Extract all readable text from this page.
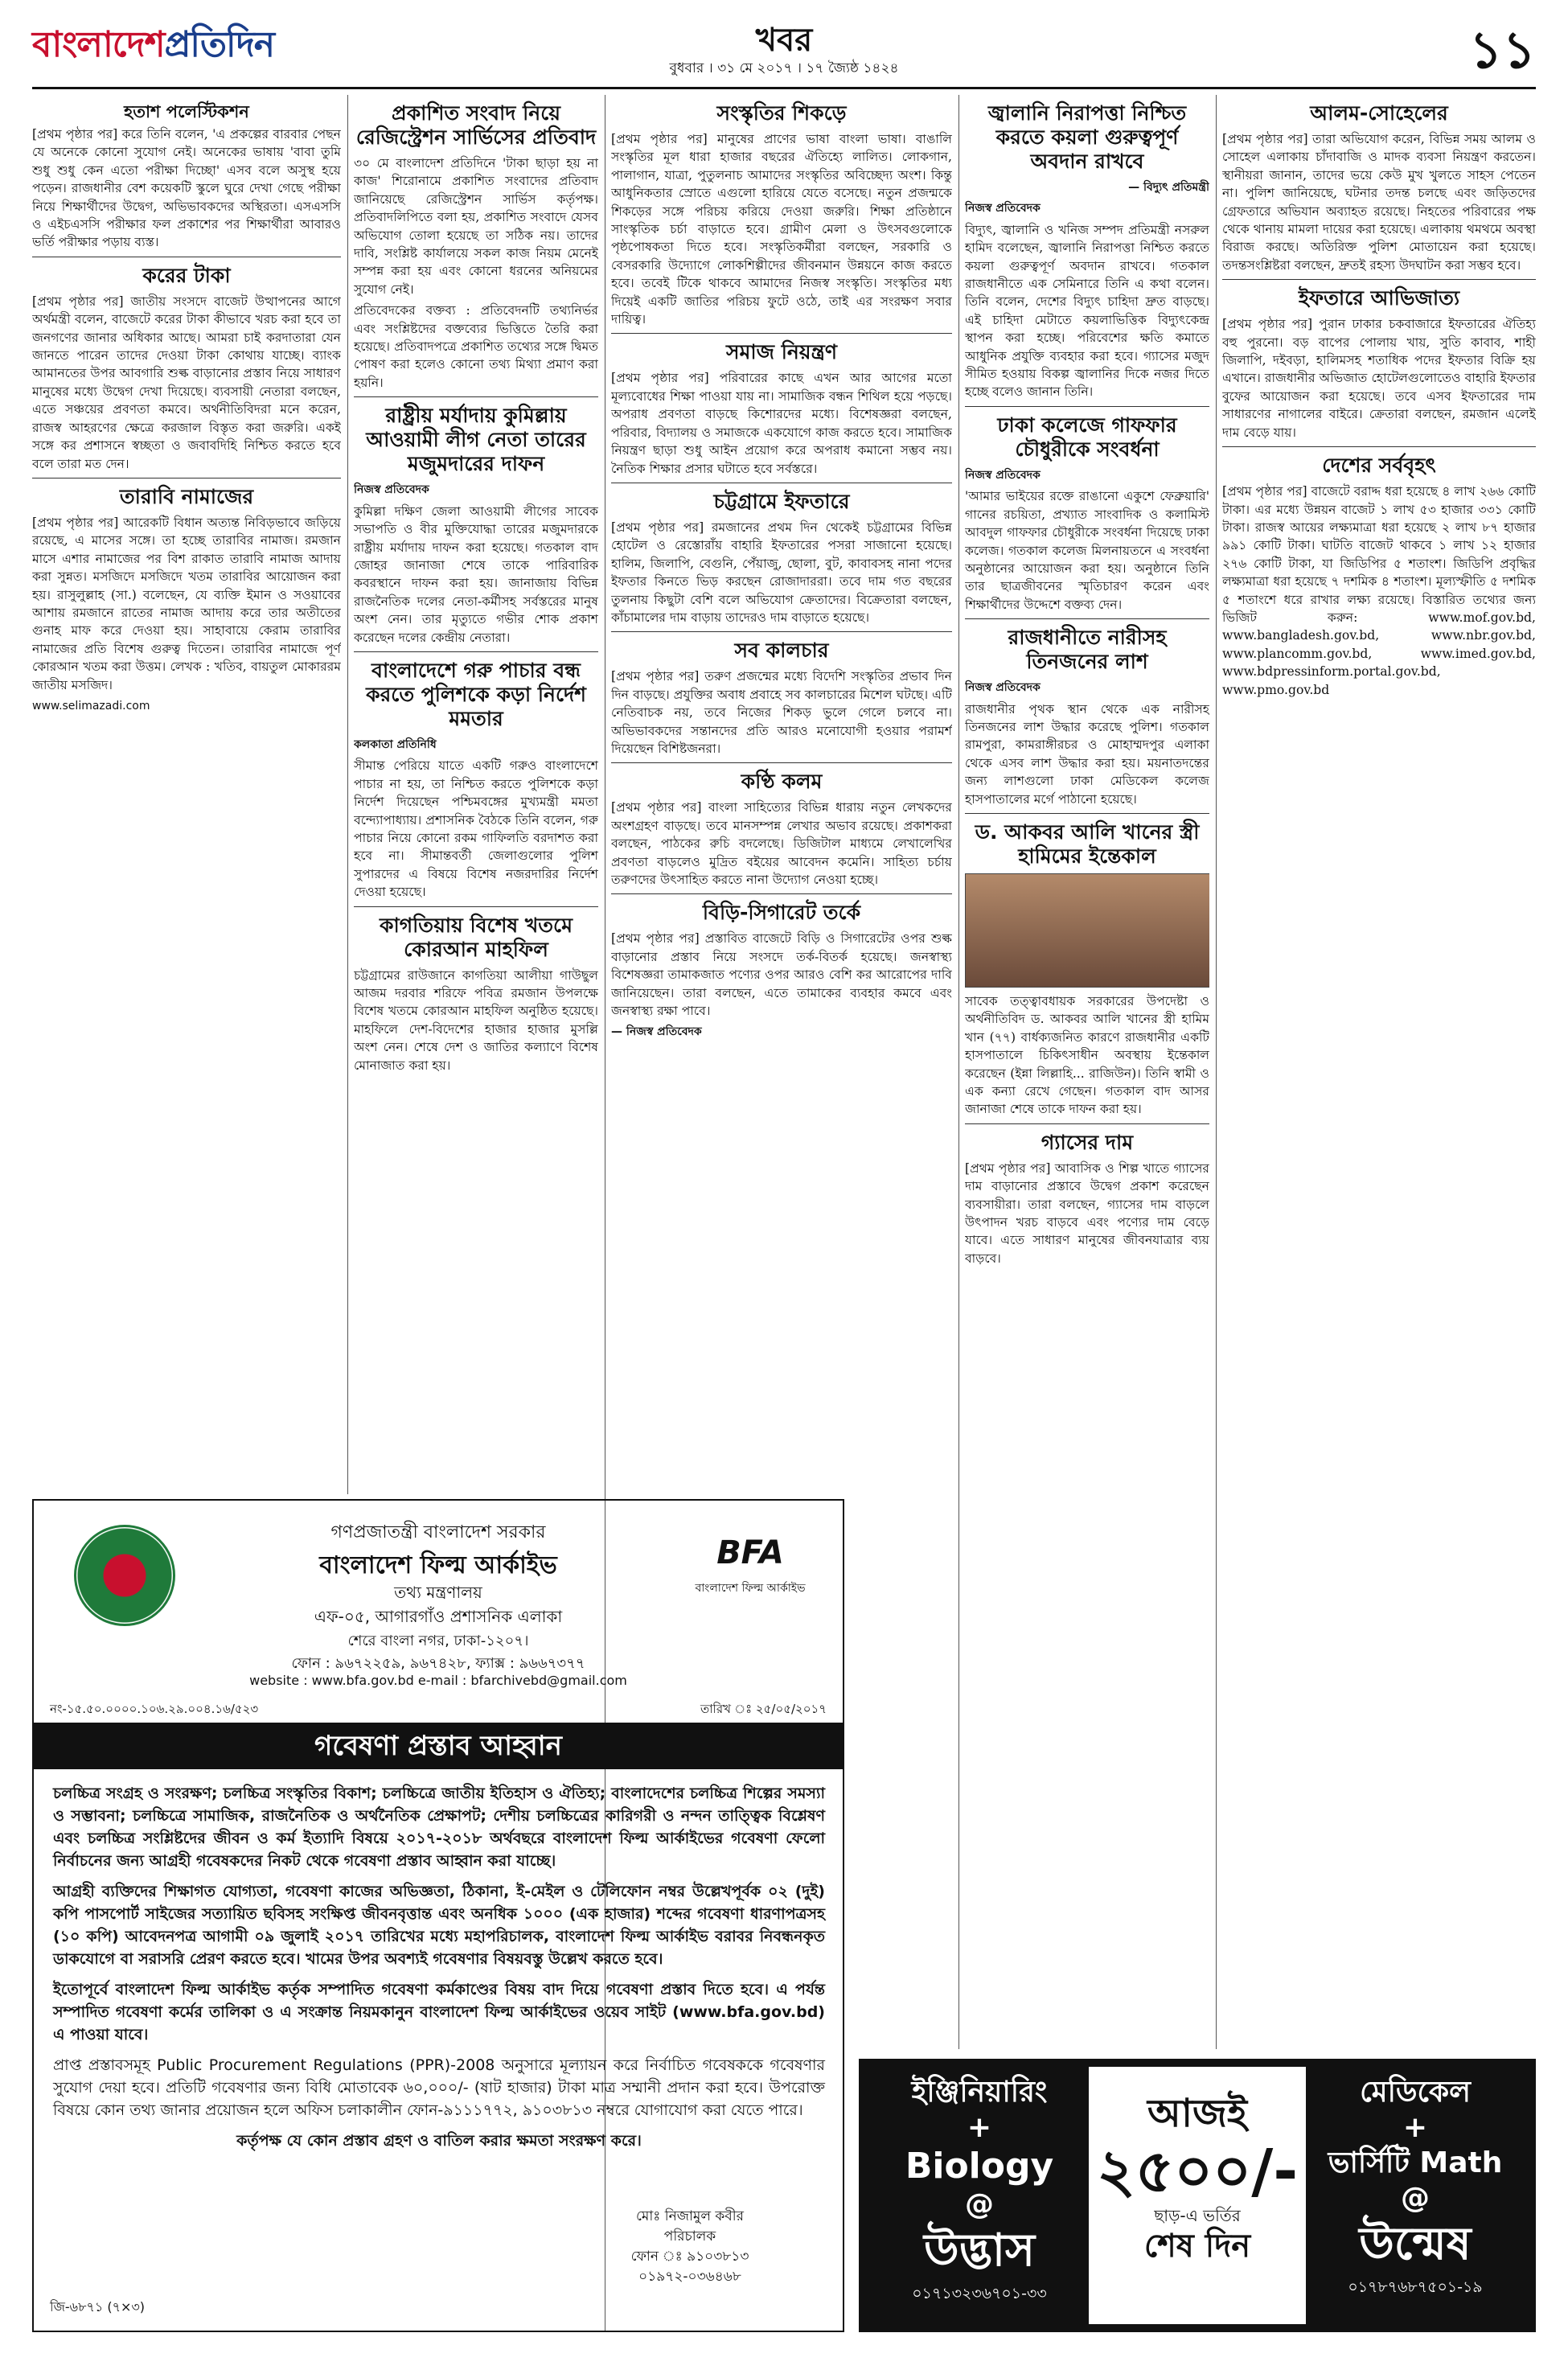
বাংলাদেশপ্রতিদিন	খবর
বুধবার । ৩১ মে ২০১৭ । ১৭ জ্যৈষ্ঠ ১৪২৪	১১
হতাশ পলেস্টিকশন

[প্রথম পৃষ্ঠার পর] করে তিনি বলেন, 'এ প্রকল্পের বারবার পেছন যে অনেকে কোনো সুযোগ নেই। অনেকের ভাষায় 'বাবা তুমি শুধু শুধু কেন এতো পরীক্ষা দিচ্ছো' এসব বলে অসুস্থ হয়ে পড়েন। রাজধানীর বেশ কয়েকটি স্কুলে ঘুরে দেখা গেছে পরীক্ষা নিয়ে শিক্ষার্থীদের উদ্বেগ, অভিভাবকদের অস্থিরতা। এসএসসি ও এইচএসসি পরীক্ষার ফল প্রকাশের পর শিক্ষার্থীরা আবারও ভর্তি পরীক্ষার পড়ায় ব্যস্ত।

করের টাকা

[প্রথম পৃষ্ঠার পর] জাতীয় সংসদে বাজেট উত্থাপনের আগে অর্থমন্ত্রী বলেন, বাজেটে করের টাকা কীভাবে খরচ করা হবে তা জনগণের জানার অধিকার আছে। আমরা চাই করদাতারা যেন জানতে পারেন তাদের দেওয়া টাকা কোথায় যাচ্ছে। ব্যাংক আমানতের উপর আবগারি শুল্ক বাড়ানোর প্রস্তাব নিয়ে সাধারণ মানুষের মধ্যে উদ্বেগ দেখা দিয়েছে। ব্যবসায়ী নেতারা বলছেন, এতে সঞ্চয়ের প্রবণতা কমবে। অর্থনীতিবিদরা মনে করেন, রাজস্ব আহরণের ক্ষেত্রে করজাল বিস্তৃত করা জরুরি। একই সঙ্গে কর প্রশাসনে স্বচ্ছতা ও জবাবদিহি নিশ্চিত করতে হবে বলে তারা মত দেন।

তারাবি নামাজের

[প্রথম পৃষ্ঠার পর] আরেকটি বিধান অত্যন্ত নিবিড়ভাবে জড়িয়ে রয়েছে, এ মাসের সঙ্গে। তা হচ্ছে তারাবির নামাজ। রমজান মাসে এশার নামাজের পর বিশ রাকাত তারাবি নামাজ আদায় করা সুন্নত। মসজিদে মসজিদে খতম তারাবির আয়োজন করা হয়। রাসুলুল্লাহ (সা.) বলেছেন, যে ব্যক্তি ইমান ও সওয়াবের আশায় রমজানে রাতের নামাজ আদায় করে তার অতীতের গুনাহ মাফ করে দেওয়া হয়। সাহাবায়ে কেরাম তারাবির নামাজের প্রতি বিশেষ গুরুত্ব দিতেন। তারাবির নামাজে পূর্ণ কোরআন খতম করা উত্তম। লেখক : খতিব, বায়তুল মোকাররম জাতীয় মসজিদ।

www.selimazadi.com

প্রকাশিত সংবাদ নিয়ে রেজিস্ট্রেশন সার্ভিসের প্রতিবাদ

৩০ মে বাংলাদেশ প্রতিদিনে 'টাকা ছাড়া হয় না কাজ' শিরোনামে প্রকাশিত সংবাদের প্রতিবাদ জানিয়েছে রেজিস্ট্রেশন সার্ভিস কর্তৃপক্ষ। প্রতিবাদলিপিতে বলা হয়, প্রকাশিত সংবাদে যেসব অভিযোগ তোলা হয়েছে তা সঠিক নয়। তাদের দাবি, সংশ্লিষ্ট কার্যালয়ে সকল কাজ নিয়ম মেনেই সম্পন্ন করা হয় এবং কোনো ধরনের অনিয়মের সুযোগ নেই।

প্রতিবেদকের বক্তব্য : প্রতিবেদনটি তথ্যনির্ভর এবং সংশ্লিষ্টদের বক্তব্যের ভিত্তিতে তৈরি করা হয়েছে। প্রতিবাদপত্রে প্রকাশিত তথ্যের সঙ্গে দ্বিমত পোষণ করা হলেও কোনো তথ্য মিথ্যা প্রমাণ করা হয়নি।

রাষ্ট্রীয় মর্যাদায় কুমিল্লায় আওয়ামী লীগ নেতা তারের মজুমদারের দাফন
নিজস্ব প্রতিবেদক

কুমিল্লা দক্ষিণ জেলা আওয়ামী লীগের সাবেক সভাপতি ও বীর মুক্তিযোদ্ধা তারের মজুমদারকে রাষ্ট্রীয় মর্যাদায় দাফন করা হয়েছে। গতকাল বাদ জোহর জানাজা শেষে তাকে পারিবারিক কবরস্থানে দাফন করা হয়। জানাজায় বিভিন্ন রাজনৈতিক দলের নেতা-কর্মীসহ সর্বস্তরের মানুষ অংশ নেন। তার মৃত্যুতে গভীর শোক প্রকাশ করেছেন দলের কেন্দ্রীয় নেতারা।

বাংলাদেশে গরু পাচার বন্ধ করতে পুলিশকে কড়া নির্দেশ মমতার
কলকাতা প্রতিনিধি

সীমান্ত পেরিয়ে যাতে একটি গরুও বাংলাদেশে পাচার না হয়, তা নিশ্চিত করতে পুলিশকে কড়া নির্দেশ দিয়েছেন পশ্চিমবঙ্গের মুখ্যমন্ত্রী মমতা বন্দ্যোপাধ্যায়। প্রশাসনিক বৈঠকে তিনি বলেন, গরু পাচার নিয়ে কোনো রকম গাফিলতি বরদাশত করা হবে না। সীমান্তবর্তী জেলাগুলোর পুলিশ সুপারদের এ বিষয়ে বিশেষ নজরদারির নির্দেশ দেওয়া হয়েছে।

কাগতিয়ায় বিশেষ খতমে কোরআন মাহফিল

চট্টগ্রামের রাউজানে কাগতিয়া আলীয়া গাউছুল আজম দরবার শরিফে পবিত্র রমজান উপলক্ষে বিশেষ খতমে কোরআন মাহফিল অনুষ্ঠিত হয়েছে। মাহফিলে দেশ-বিদেশের হাজার হাজার মুসল্লি অংশ নেন। শেষে দেশ ও জাতির কল্যাণে বিশেষ মোনাজাত করা হয়।

সংস্কৃতির শিকড়ে

[প্রথম পৃষ্ঠার পর] মানুষের প্রাণের ভাষা বাংলা ভাষা। বাঙালি সংস্কৃতির মূল ধারা হাজার বছরের ঐতিহ্যে লালিত। লোকগান, পালাগান, যাত্রা, পুতুলনাচ আমাদের সংস্কৃতির অবিচ্ছেদ্য অংশ। কিন্তু আধুনিকতার স্রোতে এগুলো হারিয়ে যেতে বসেছে। নতুন প্রজন্মকে শিকড়ের সঙ্গে পরিচয় করিয়ে দেওয়া জরুরি। শিক্ষা প্রতিষ্ঠানে সাংস্কৃতিক চর্চা বাড়াতে হবে। গ্রামীণ মেলা ও উৎসবগুলোকে পৃষ্ঠপোষকতা দিতে হবে। সংস্কৃতিকর্মীরা বলছেন, সরকারি ও বেসরকারি উদ্যোগে লোকশিল্পীদের জীবনমান উন্নয়নে কাজ করতে হবে। তবেই টিকে থাকবে আমাদের নিজস্ব সংস্কৃতি। সংস্কৃতির মধ্য দিয়েই একটি জাতির পরিচয় ফুটে ওঠে, তাই এর সংরক্ষণ সবার দায়িত্ব।

সমাজ নিয়ন্ত্রণ

[প্রথম পৃষ্ঠার পর] পরিবারের কাছে এখন আর আগের মতো মূল্যবোধের শিক্ষা পাওয়া যায় না। সামাজিক বন্ধন শিথিল হয়ে পড়ছে। অপরাধ প্রবণতা বাড়ছে কিশোরদের মধ্যে। বিশেষজ্ঞরা বলছেন, পরিবার, বিদ্যালয় ও সমাজকে একযোগে কাজ করতে হবে। সামাজিক নিয়ন্ত্রণ ছাড়া শুধু আইন প্রয়োগ করে অপরাধ কমানো সম্ভব নয়। নৈতিক শিক্ষার প্রসার ঘটাতে হবে সর্বস্তরে।

চট্টগ্রামে ইফতারে

[প্রথম পৃষ্ঠার পর] রমজানের প্রথম দিন থেকেই চট্টগ্রামের বিভিন্ন হোটেল ও রেস্তোরাঁয় বাহারি ইফতারের পসরা সাজানো হয়েছে। হালিম, জিলাপি, বেগুনি, পেঁয়াজু, ছোলা, বুট, কাবাবসহ নানা পদের ইফতার কিনতে ভিড় করছেন রোজাদাররা। তবে দাম গত বছরের তুলনায় কিছুটা বেশি বলে অভিযোগ ক্রেতাদের। বিক্রেতারা বলছেন, কাঁচামালের দাম বাড়ায় তাদেরও দাম বাড়াতে হয়েছে।

সব কালচার

[প্রথম পৃষ্ঠার পর] তরুণ প্রজন্মের মধ্যে বিদেশি সংস্কৃতির প্রভাব দিন দিন বাড়ছে। প্রযুক্তির অবাধ প্রবাহে সব কালচারের মিশেল ঘটছে। এটি নেতিবাচক নয়, তবে নিজের শিকড় ভুলে গেলে চলবে না। অভিভাবকদের সন্তানদের প্রতি আরও মনোযোগী হওয়ার পরামর্শ দিয়েছেন বিশিষ্টজনরা।

কণ্ঠি কলম

[প্রথম পৃষ্ঠার পর] বাংলা সাহিত্যের বিভিন্ন ধারায় নতুন লেখকদের অংশগ্রহণ বাড়ছে। তবে মানসম্পন্ন লেখার অভাব রয়েছে। প্রকাশকরা বলছেন, পাঠকের রুচি বদলেছে। ডিজিটাল মাধ্যমে লেখালেখির প্রবণতা বাড়লেও মুদ্রিত বইয়ের আবেদন কমেনি। সাহিত্য চর্চায় তরুণদের উৎসাহিত করতে নানা উদ্যোগ নেওয়া হচ্ছে।

বিড়ি-সিগারেট তর্কে

[প্রথম পৃষ্ঠার পর] প্রস্তাবিত বাজেটে বিড়ি ও সিগারেটের ওপর শুল্ক বাড়ানোর প্রস্তাব নিয়ে সংসদে তর্ক-বিতর্ক হয়েছে। জনস্বাস্থ্য বিশেষজ্ঞরা তামাকজাত পণ্যের ওপর আরও বেশি কর আরোপের দাবি জানিয়েছেন। তারা বলছেন, এতে তামাকের ব্যবহার কমবে এবং জনস্বাস্থ্য রক্ষা পাবে।

— নিজস্ব প্রতিবেদক
জ্বালানি নিরাপত্তা নিশ্চিত করতে কয়লা গুরুত্বপূর্ণ অবদান রাখবে
— বিদ্যুৎ প্রতিমন্ত্রী
নিজস্ব প্রতিবেদক

বিদ্যুৎ, জ্বালানি ও খনিজ সম্পদ প্রতিমন্ত্রী নসরুল হামিদ বলেছেন, জ্বালানি নিরাপত্তা নিশ্চিত করতে কয়লা গুরুত্বপূর্ণ অবদান রাখবে। গতকাল রাজধানীতে এক সেমিনারে তিনি এ কথা বলেন। তিনি বলেন, দেশের বিদ্যুৎ চাহিদা দ্রুত বাড়ছে। এই চাহিদা মেটাতে কয়লাভিত্তিক বিদ্যুৎকেন্দ্র স্থাপন করা হচ্ছে। পরিবেশের ক্ষতি কমাতে আধুনিক প্রযুক্তি ব্যবহার করা হবে। গ্যাসের মজুদ সীমিত হওয়ায় বিকল্প জ্বালানির দিকে নজর দিতে হচ্ছে বলেও জানান তিনি।

ঢাকা কলেজে গাফফার চৌধুরীকে সংবর্ধনা
নিজস্ব প্রতিবেদক

'আমার ভাইয়ের রক্তে রাঙানো একুশে ফেব্রুয়ারি' গানের রচয়িতা, প্রখ্যাত সাংবাদিক ও কলামিস্ট আবদুল গাফফার চৌধুরীকে সংবর্ধনা দিয়েছে ঢাকা কলেজ। গতকাল কলেজ মিলনায়তনে এ সংবর্ধনা অনুষ্ঠানের আয়োজন করা হয়। অনুষ্ঠানে তিনি তার ছাত্রজীবনের স্মৃতিচারণ করেন এবং শিক্ষার্থীদের উদ্দেশে বক্তব্য দেন।

রাজধানীতে নারীসহ তিনজনের লাশ
নিজস্ব প্রতিবেদক

রাজধানীর পৃথক স্থান থেকে এক নারীসহ তিনজনের লাশ উদ্ধার করেছে পুলিশ। গতকাল রামপুরা, কামরাঙ্গীরচর ও মোহাম্মদপুর এলাকা থেকে এসব লাশ উদ্ধার করা হয়। ময়নাতদন্তের জন্য লাশগুলো ঢাকা মেডিকেল কলেজ হাসপাতালের মর্গে পাঠানো হয়েছে।

ড. আকবর আলি খানের স্ত্রী হামিমের ইন্তেকাল

সাবেক তত্ত্বাবধায়ক সরকারের উপদেষ্টা ও অর্থনীতিবিদ ড. আকবর আলি খানের স্ত্রী হামিম খান (৭৭) বার্ধক্যজনিত কারণে রাজধানীর একটি হাসপাতালে চিকিৎসাধীন অবস্থায় ইন্তেকাল করেছেন (ইন্না লিল্লাহি... রাজিউন)। তিনি স্বামী ও এক কন্যা রেখে গেছেন। গতকাল বাদ আসর জানাজা শেষে তাকে দাফন করা হয়।

গ্যাসের দাম

[প্রথম পৃষ্ঠার পর] আবাসিক ও শিল্প খাতে গ্যাসের দাম বাড়ানোর প্রস্তাবে উদ্বেগ প্রকাশ করেছেন ব্যবসায়ীরা। তারা বলছেন, গ্যাসের দাম বাড়লে উৎপাদন খরচ বাড়বে এবং পণ্যের দাম বেড়ে যাবে। এতে সাধারণ মানুষের জীবনযাত্রার ব্যয় বাড়বে।

আলম-সোহেলের

[প্রথম পৃষ্ঠার পর] তারা অভিযোগ করেন, বিভিন্ন সময় আলম ও সোহেল এলাকায় চাঁদাবাজি ও মাদক ব্যবসা নিয়ন্ত্রণ করতেন। স্থানীয়রা জানান, তাদের ভয়ে কেউ মুখ খুলতে সাহস পেতেন না। পুলিশ জানিয়েছে, ঘটনার তদন্ত চলছে এবং জড়িতদের গ্রেফতারে অভিযান অব্যাহত রয়েছে। নিহতের পরিবারের পক্ষ থেকে থানায় মামলা দায়ের করা হয়েছে। এলাকায় থমথমে অবস্থা বিরাজ করছে। অতিরিক্ত পুলিশ মোতায়েন করা হয়েছে। তদন্তসংশ্লিষ্টরা বলছেন, দ্রুতই রহস্য উদঘাটন করা সম্ভব হবে।

ইফতারে আভিজাত্য

[প্রথম পৃষ্ঠার পর] পুরান ঢাকার চকবাজারে ইফতারের ঐতিহ্য বহু পুরনো। বড় বাপের পোলায় খায়, সুতি কাবাব, শাহী জিলাপি, দইবড়া, হালিমসহ শতাধিক পদের ইফতার বিক্রি হয় এখানে। রাজধানীর অভিজাত হোটেলগুলোতেও বাহারি ইফতার বুফের আয়োজন করা হয়েছে। তবে এসব ইফতারের দাম সাধারণের নাগালের বাইরে। ক্রেতারা বলছেন, রমজান এলেই দাম বেড়ে যায়।

দেশের সর্ববৃহৎ

[প্রথম পৃষ্ঠার পর] বাজেটে বরাদ্দ ধরা হয়েছে ৪ লাখ ২৬৬ কোটি টাকা। এর মধ্যে উন্নয়ন বাজেট ১ লাখ ৫৩ হাজার ৩৩১ কোটি টাকা। রাজস্ব আয়ের লক্ষ্যমাত্রা ধরা হয়েছে ২ লাখ ৮৭ হাজার ৯৯১ কোটি টাকা। ঘাটতি বাজেট থাকবে ১ লাখ ১২ হাজার ২৭৬ কোটি টাকা, যা জিডিপির ৫ শতাংশ। জিডিপি প্রবৃদ্ধির লক্ষ্যমাত্রা ধরা হয়েছে ৭ দশমিক ৪ শতাংশ। মূল্যস্ফীতি ৫ দশমিক ৫ শতাংশে ধরে রাখার লক্ষ্য রয়েছে। বিস্তারিত তথ্যের জন্য ভিজিট করুন: www.mof.gov.bd, www.bangladesh.gov.bd, www.nbr.gov.bd, www.plancomm.gov.bd, www.imed.gov.bd, www.bdpressinform.portal.gov.bd, www.pmo.gov.bd

BFA
বাংলাদেশ ফিল্ম আর্কাইভ
গণপ্রজাতন্ত্রী বাংলাদেশ সরকার
বাংলাদেশ ফিল্ম আর্কাইভ
তথ্য মন্ত্রণালয়
এফ-০৫, আগারগাঁও প্রশাসনিক এলাকা
শেরে বাংলা নগর, ঢাকা-১২০৭।
ফোন : ৯৬৭২২৫৯, ৯৬৭৪২৮, ফ্যাক্স : ৯৬৬৭৩৭৭
website : www.bfa.gov.bd e-mail : bfarchivebd@gmail.com
নং-১৫.৫০.০০০০.১০৬.২৯.০০৪.১৬/৫২৩	তারিখ ঃ ২৫/০৫/২০১৭
গবেষণা প্রস্তাব আহ্বান

চলচ্চিত্র সংগ্রহ ও সংরক্ষণ; চলচ্চিত্র সংস্কৃতির বিকাশ; চলচ্চিত্রে জাতীয় ইতিহাস ও ঐতিহ্য; বাংলাদেশের চলচ্চিত্র শিল্পের সমস্যা ও সম্ভাবনা; চলচ্চিত্রে সামাজিক, রাজনৈতিক ও অর্থনৈতিক প্রেক্ষাপট; দেশীয় চলচ্চিত্রের কারিগরী ও নন্দন তাত্ত্বিক বিশ্লেষণ এবং চলচ্চিত্র সংশ্লিষ্টদের জীবন ও কর্ম ইত্যাদি বিষয়ে ২০১৭-২০১৮ অর্থবছরে বাংলাদেশ ফিল্ম আর্কাইভের গবেষণা ফেলো নির্বাচনের জন্য আগ্রহী গবেষকদের নিকট থেকে গবেষণা প্রস্তাব আহ্বান করা যাচ্ছে।

আগ্রহী ব্যক্তিদের শিক্ষাগত যোগ্যতা, গবেষণা কাজের অভিজ্ঞতা, ঠিকানা, ই-মেইল ও টেলিফোন নম্বর উল্লেখপূর্বক ০২ (দুই) কপি পাসপোর্ট সাইজের সত্যায়িত ছবিসহ সংক্ষিপ্ত জীবনবৃত্তান্ত এবং অনধিক ১০০০ (এক হাজার) শব্দের গবেষণা ধারণাপত্রসহ (১০ কপি) আবেদনপত্র আগামী ০৯ জুলাই ২০১৭ তারিখের মধ্যে মহাপরিচালক, বাংলাদেশ ফিল্ম আর্কাইভ বরাবর নিবন্ধনকৃত ডাকযোগে বা সরাসরি প্রেরণ করতে হবে। খামের উপর অবশ্যই গবেষণার বিষয়বস্তু উল্লেখ করতে হবে।

ইতোপূর্বে বাংলাদেশ ফিল্ম আর্কাইভ কর্তৃক সম্পাদিত গবেষণা কর্মকাণ্ডের বিষয় বাদ দিয়ে গবেষণা প্রস্তাব দিতে হবে। এ পর্যন্ত সম্পাদিত গবেষণা কর্মের তালিকা ও এ সংক্রান্ত নিয়মকানুন বাংলাদেশ ফিল্ম আর্কাইভের ওয়েব সাইট (www.bfa.gov.bd) এ পাওয়া যাবে।

প্রাপ্ত প্রস্তাবসমূহ Public Procurement Regulations (PPR)-2008 অনুসারে মূল্যায়ন করে নির্বাচিত গবেষককে গবেষণার সুযোগ দেয়া হবে। প্রতিটি গবেষণার জন্য বিধি মোতাবেক ৬০,০০০/- (ষাট হাজার) টাকা মাত্র সম্মানী প্রদান করা হবে। উপরোক্ত বিষয়ে কোন তথ্য জানার প্রয়োজন হলে অফিস চলাকালীন ফোন-৯১১১৭৭২, ৯১০৩৮১৩ নম্বরে যোগাযোগ করা যেতে পারে।

কর্তৃপক্ষ যে কোন প্রস্তাব গ্রহণ ও বাতিল করার ক্ষমতা সংরক্ষণ করে।

মোঃ নিজামুল কবীর
পরিচালক
ফোন ঃ ৯১০৩৮১৩
০১৯৭২-০৩৬৪৬৮
জি-৬৮৭১ (৭×৩)
ইঞ্জিনিয়ারিং
+
Biology
@
উদ্ভাস
০১৭১৩২৩৬৭০১-৩৩
আজই
২৫০০/-
ছাড়-এ ভর্তির
শেষ দিন
মেডিকেল
+
ভার্সিটি Math
@
উন্মেষ
০১৭৮৭৬৮৭৫০১-১৯
